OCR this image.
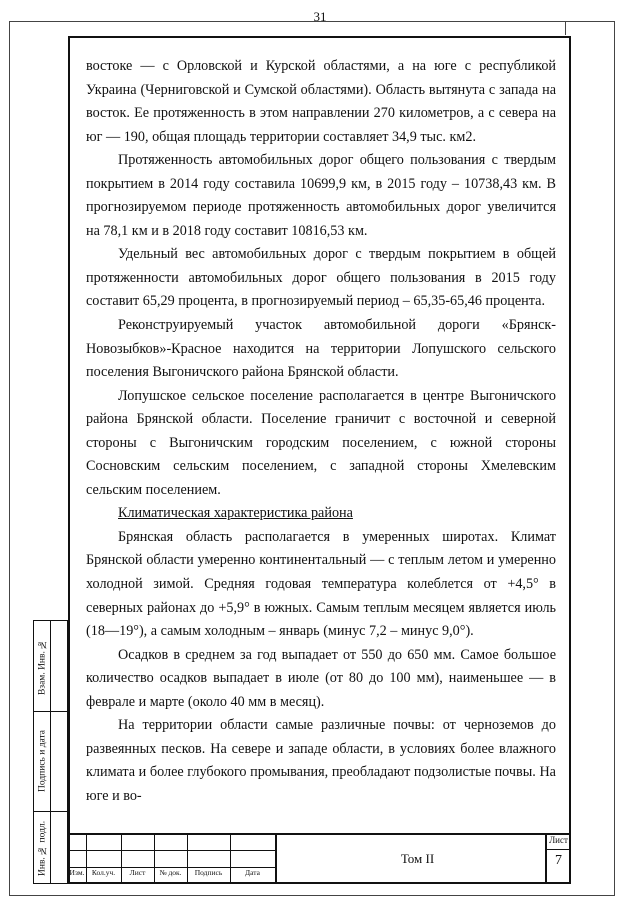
31

востоке — с Орловской и Курской областями, а на юге с республикой Украина (Черниговской и Сумской областями). Область вытянута с запада на восток. Ее протяженность в этом направлении 270 километров, а с севера на юг — 190, общая площадь территории составляет 34,9 тыс. км2.

Протяженность автомобильных дорог общего пользования с твердым покрытием в 2014 году составила 10699,9 км, в 2015 году – 10738,43 км. В прогнозируемом периоде протяженность автомобильных дорог увеличится на 78,1 км и в 2018 году составит 10816,53 км.

Удельный вес автомобильных дорог с твердым покрытием в общей протяженности автомобильных дорог общего пользования в 2015 году составит 65,29 процента, в прогнозируемый период – 65,35-65,46 процента.

Реконструируемый участок автомобильной дороги «Брянск-Новозыбков»-Красное находится на территории Лопушского сельского поселения Выгоничского района Брянской области.

Лопушское сельское поселение располагается в центре Выгоничского района Брянской области. Поселение граничит с восточной и северной стороны с Выгоничским городским поселением, с южной стороны Сосновским сельским поселением, с западной стороны Хмелевским сельским поселением.

Климатическая характеристика района

Брянская область располагается в умеренных широтах. Климат Брянской области умеренно континентальный — с теплым летом и умеренно холодной зимой. Средняя годовая температура колеблется от +4,5° в северных районах до +5,9° в южных. Самым теплым месяцем является июль (18—19°), а самым холодным – январь (минус 7,2 – минус 9,0°).

Осадков в среднем за год выпадает от 550 до 650 мм. Самое большое количество осадков выпадает в июле (от 80 до 100 мм), наименьшее — в феврале и марте (около 40 мм в месяц).

На территории области самые различные почвы: от черноземов до развеянных песков. На севере и западе области, в условиях более влажного климата и более глубокого промывания, преобладают подзолистые почвы. На юге и во-

Взам. Инв. №
Подпись и дата
Инв. № подл.	Изм. Кол.уч.	Лист	№ док.	Подпись	Дата
Том II
Лист
7
